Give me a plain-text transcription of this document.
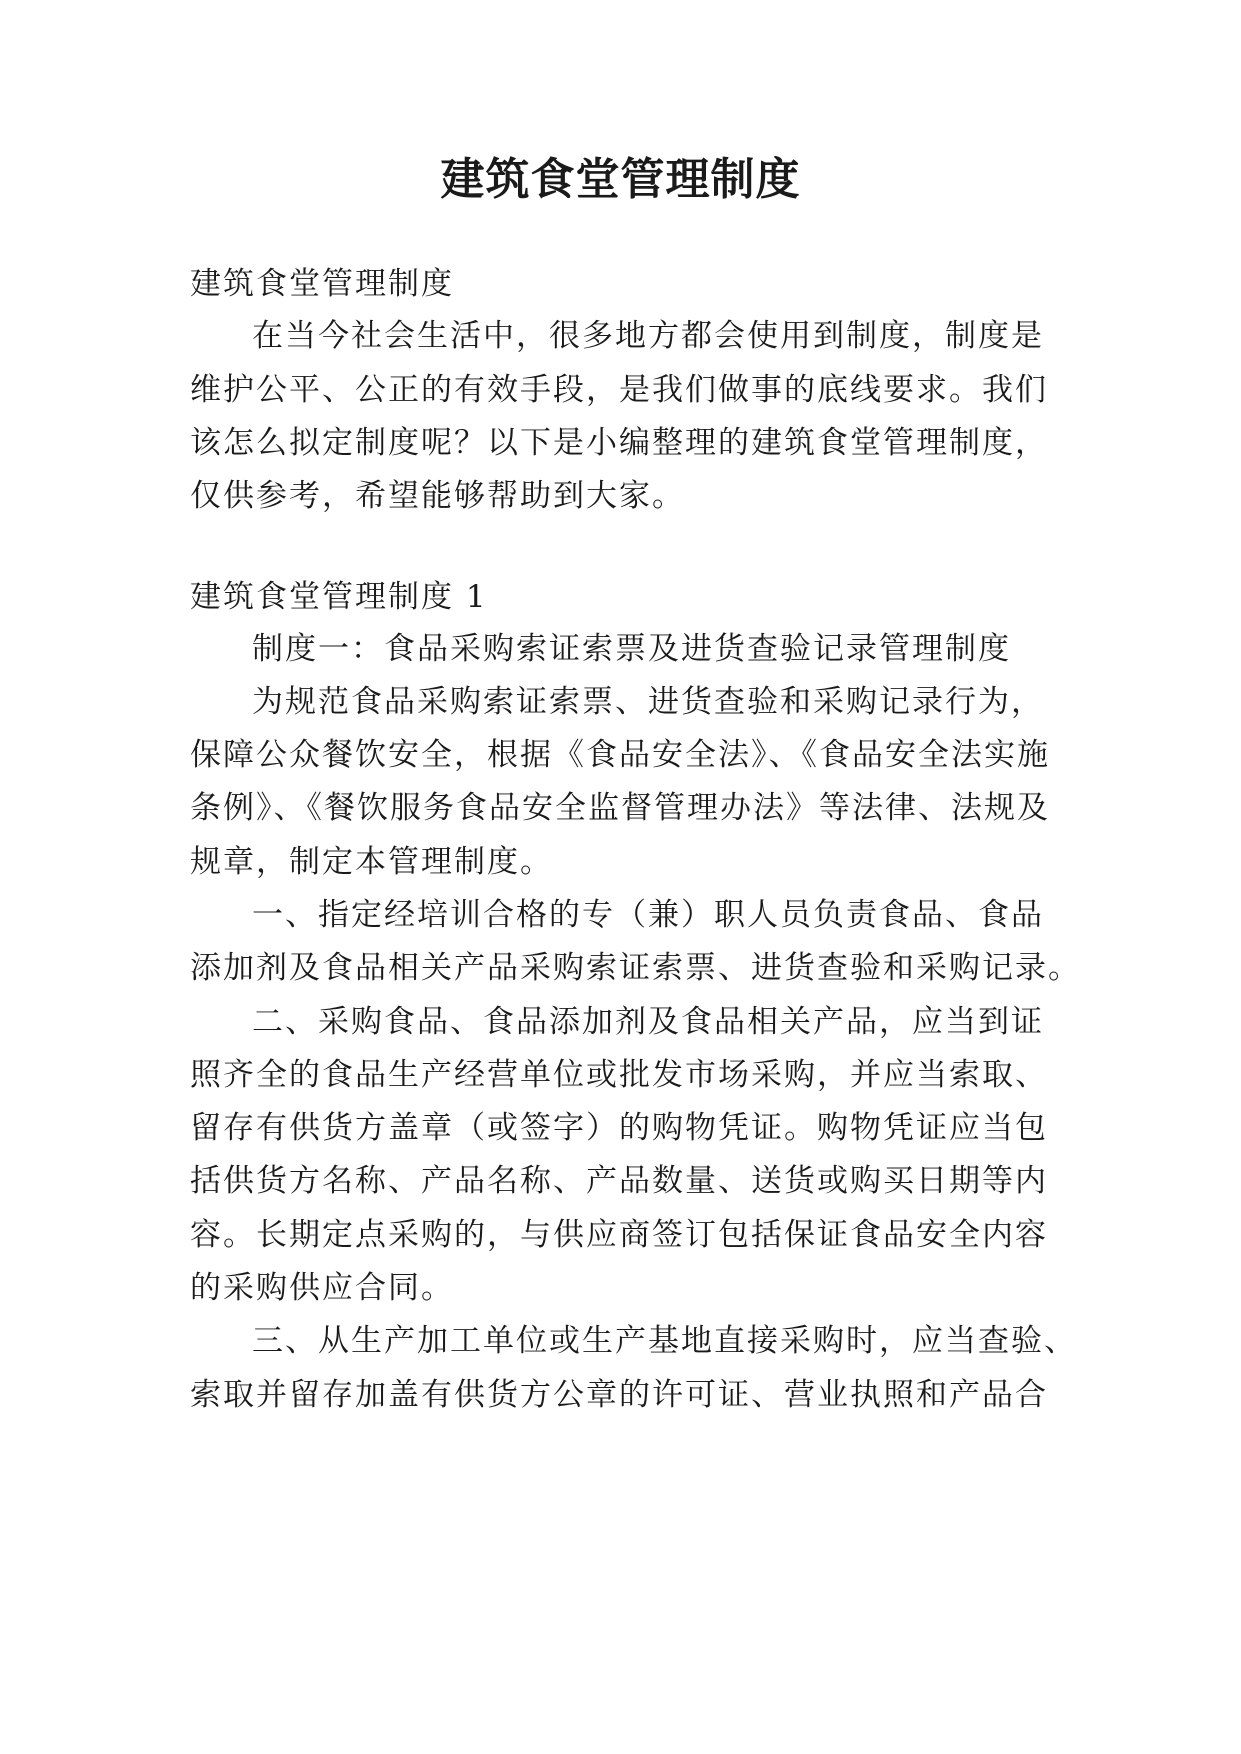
建筑食堂管理制度
建筑食堂管理制度
在当今社会生活中，很多地方都会使用到制度，制度是
维护公平、公正的有效手段，是我们做事的底线要求。我们
该怎么拟定制度呢？以下是小编整理的建筑食堂管理制度，
仅供参考，希望能够帮助到大家。
建筑食堂管理制度 1
制度一：食品采购索证索票及进货查验记录管理制度
为规范食品采购索证索票、进货查验和采购记录行为，
保障公众餐饮安全，根据《食品安全法》、《食品安全法实施
条例》、《餐饮服务食品安全监督管理办法》等法律、法规及
规章，制定本管理制度。
一、指定经培训合格的专（兼）职人员负责食品、食品
添加剂及食品相关产品采购索证索票、进货查验和采购记录。
二、采购食品、食品添加剂及食品相关产品，应当到证
照齐全的食品生产经营单位或批发市场采购，并应当索取、
留存有供货方盖章（或签字）的购物凭证。购物凭证应当包
括供货方名称、产品名称、产品数量、送货或购买日期等内
容。长期定点采购的，与供应商签订包括保证食品安全内容
的采购供应合同。
三、从生产加工单位或生产基地直接采购时，应当查验、
索取并留存加盖有供货方公章的许可证、营业执照和产品合
